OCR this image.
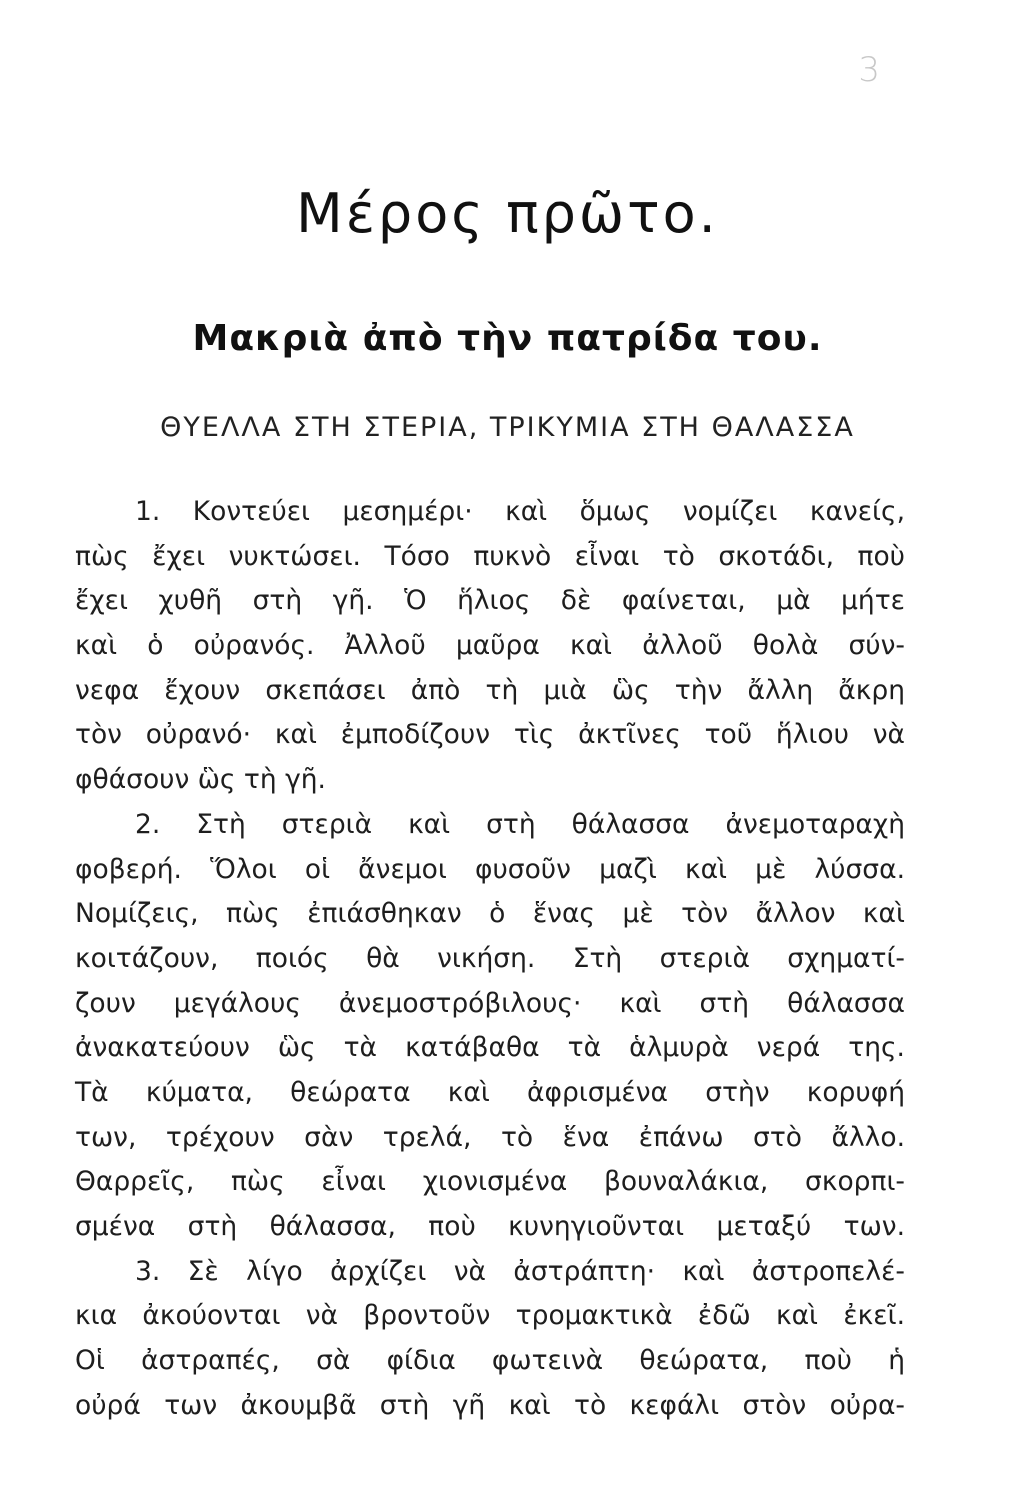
3
Μέρος πρῶτο.
Μακριὰ ἀπὸ τὴν πατρίδα του.
ΘΥΕΛΛΑ ΣΤΗ ΣΤΕΡΙΑ, ΤΡΙΚΥΜΙΑ ΣΤΗ ΘΑΛΑΣΣΑ
1. Κοντεύει μεσημέρι· καὶ ὅμως νομίζει κανείς,
πὼς ἔχει νυκτώσει. Τόσο πυκνὸ εἶναι τὸ σκοτάδι, ποὺ
ἔχει χυθῆ στὴ γῆ. Ὁ ἥλιος δὲ φαίνεται, μὰ μήτε
καὶ ὁ οὐρανός. Ἀλλοῦ μαῦρα καὶ ἀλλοῦ θολὰ σύν-
νεφα ἔχουν σκεπάσει ἀπὸ τὴ μιὰ ὣς τὴν ἄλλη ἄκρη
τὸν οὐρανό· καὶ ἐμποδίζουν τὶς ἀκτῖνες τοῦ ἥλιου νὰ
φθάσουν ὣς τὴ γῆ.
2. Στὴ στεριὰ καὶ στὴ θάλασσα ἀνεμοταραχὴ
φοβερή. Ὅλοι οἱ ἄνεμοι φυσοῦν μαζὶ καὶ μὲ λύσσα.
Νομίζεις, πὼς ἐπιάσθηκαν ὁ ἕνας μὲ τὸν ἄλλον καὶ
κοιτάζουν, ποιός θὰ νικήση. Στὴ στεριὰ σχηματί-
ζουν μεγάλους ἀνεμοστρόβιλους· καὶ στὴ θάλασσα
ἀνακατεύουν ὣς τὰ κατάβαθα τὰ ἁλμυρὰ νερά της.
Τὰ κύματα, θεώρατα καὶ ἀφρισμένα στὴν κορυφή
των, τρέχουν σὰν τρελά, τὸ ἕνα ἐπάνω στὸ ἄλλο.
Θαρρεῖς, πὼς εἶναι χιονισμένα βουναλάκια, σκορπι-
σμένα στὴ θάλασσα, ποὺ κυνηγιοῦνται μεταξύ των.
3. Σὲ λίγο ἀρχίζει νὰ ἀστράπτη· καὶ ἀστροπελέ-
κια ἀκούονται νὰ βροντοῦν τρομακτικὰ ἐδῶ καὶ ἐκεῖ.
Οἱ ἀστραπές, σὰ φίδια φωτεινὰ θεώρατα, ποὺ ἡ
οὐρά των ἀκουμβᾶ στὴ γῆ καὶ τὸ κεφάλι στὸν οὐρα-
